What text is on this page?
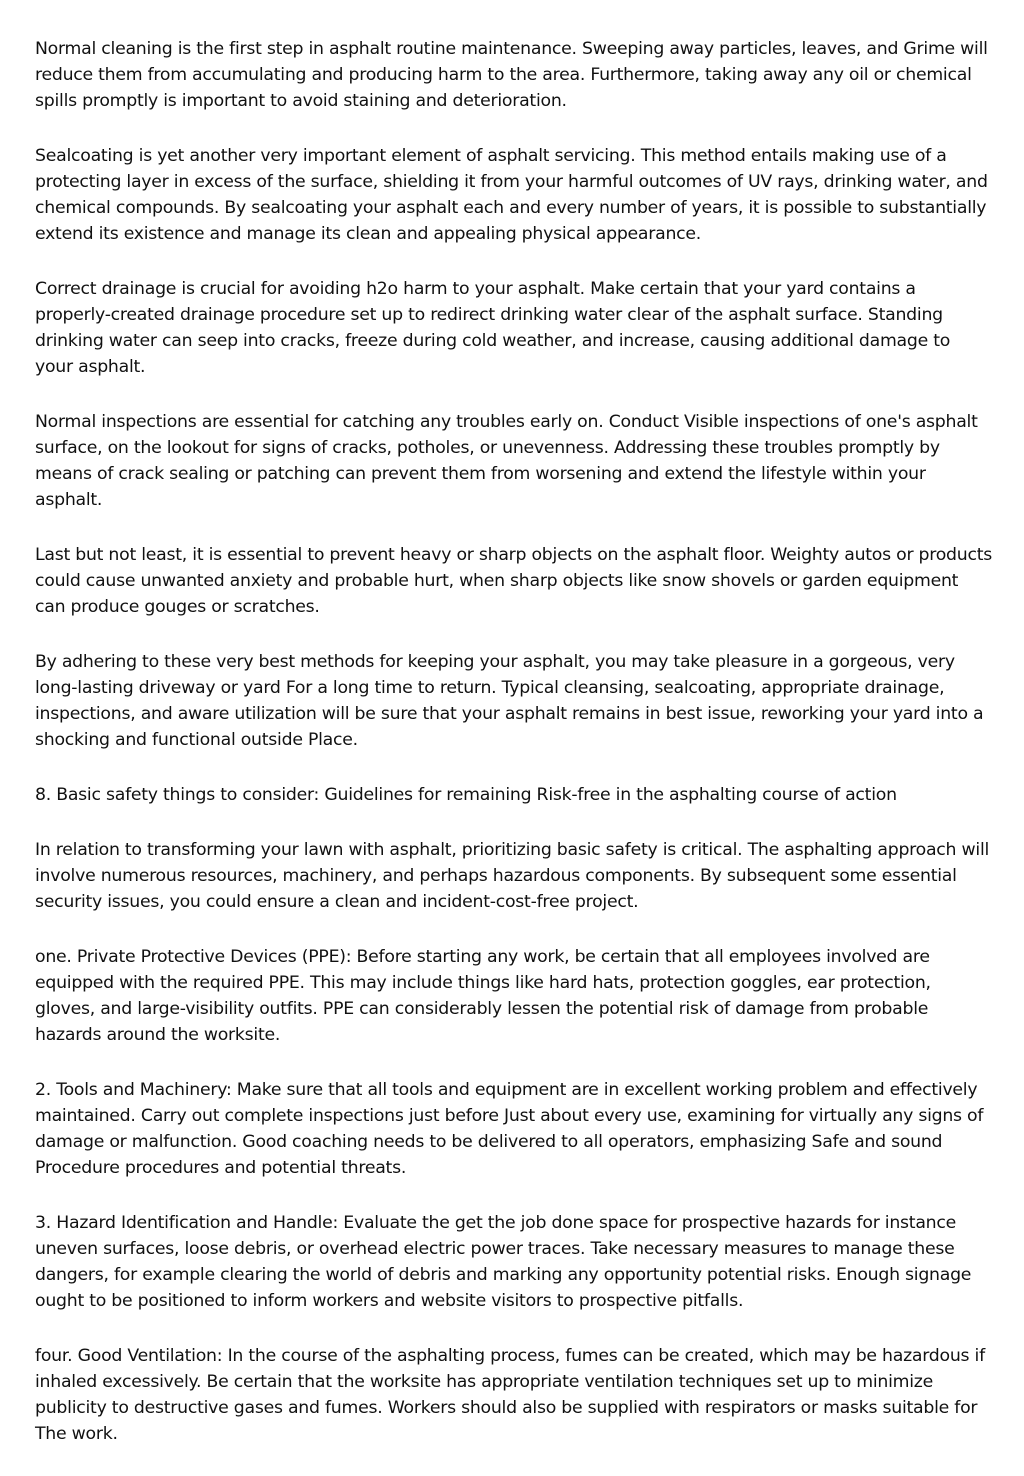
Normal cleaning is the first step in asphalt routine maintenance. Sweeping away particles, leaves, and Grime will reduce them from accumulating and producing harm to the area. Furthermore, taking away any oil or chemical spills promptly is important to avoid staining and deterioration.

Sealcoating is yet another very important element of asphalt servicing. This method entails making use of a protecting layer in excess of the surface, shielding it from your harmful outcomes of UV rays, drinking water, and chemical compounds. By sealcoating your asphalt each and every number of years, it is possible to substantially extend its existence and manage its clean and appealing physical appearance.

Correct drainage is crucial for avoiding h2o harm to your asphalt. Make certain that your yard contains a properly-created drainage procedure set up to redirect drinking water clear of the asphalt surface. Standing drinking water can seep into cracks, freeze during cold weather, and increase, causing additional damage to your asphalt.

Normal inspections are essential for catching any troubles early on. Conduct Visible inspections of one's asphalt surface, on the lookout for signs of cracks, potholes, or unevenness. Addressing these troubles promptly by means of crack sealing or patching can prevent them from worsening and extend the lifestyle within your asphalt.

Last but not least, it is essential to prevent heavy or sharp objects on the asphalt floor. Weighty autos or products could cause unwanted anxiety and probable hurt, when sharp objects like snow shovels or garden equipment can produce gouges or scratches.

By adhering to these very best methods for keeping your asphalt, you may take pleasure in a gorgeous, very long-lasting driveway or yard For a long time to return. Typical cleansing, sealcoating, appropriate drainage, inspections, and aware utilization will be sure that your asphalt remains in best issue, reworking your yard into a shocking and functional outside Place.

8. Basic safety things to consider: Guidelines for remaining Risk-free in the asphalting course of action

In relation to transforming your lawn with asphalt, prioritizing basic safety is critical. The asphalting approach will involve numerous resources, machinery, and perhaps hazardous components. By subsequent some essential security issues, you could ensure a clean and incident-cost-free project.

one. Private Protective Devices (PPE): Before starting any work, be certain that all employees involved are equipped with the required PPE. This may include things like hard hats, protection goggles, ear protection, gloves, and large-visibility outfits. PPE can considerably lessen the potential risk of damage from probable hazards around the worksite.

2. Tools and Machinery: Make sure that all tools and equipment are in excellent working problem and effectively maintained. Carry out complete inspections just before Just about every use, examining for virtually any signs of damage or malfunction. Good coaching needs to be delivered to all operators, emphasizing Safe and sound Procedure procedures and potential threats.

3. Hazard Identification and Handle: Evaluate the get the job done space for prospective hazards for instance uneven surfaces, loose debris, or overhead electric power traces. Take necessary measures to manage these dangers, for example clearing the world of debris and marking any opportunity potential risks. Enough signage ought to be positioned to inform workers and website visitors to prospective pitfalls.

four. Good Ventilation: In the course of the asphalting process, fumes can be created, which may be hazardous if inhaled excessively. Be certain that the worksite has appropriate ventilation techniques set up to minimize publicity to destructive gases and fumes. Workers should also be supplied with respirators or masks suitable for The work.
